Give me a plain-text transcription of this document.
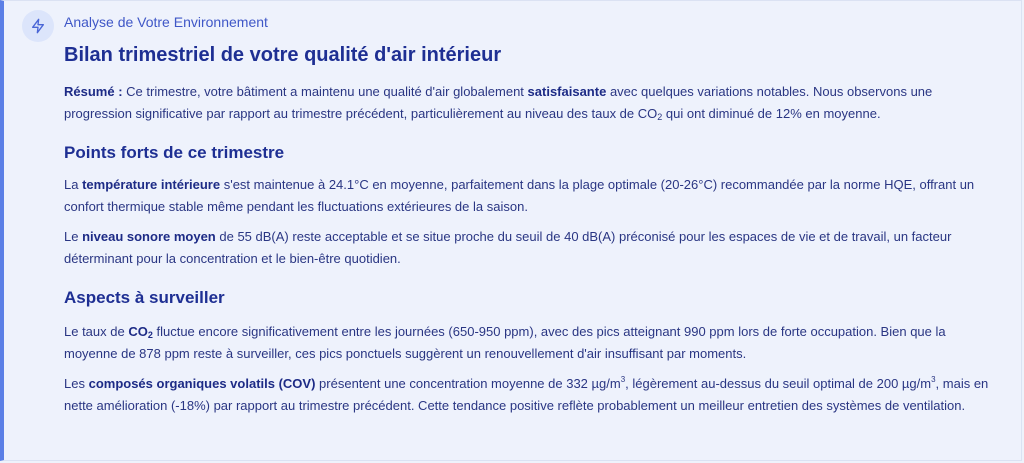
Analyse de Votre Environnement

Bilan trimestriel de votre qualité d'air intérieur

Résumé : Ce trimestre, votre bâtiment a maintenu une qualité d'air globalement satisfaisante avec quelques variations notables. Nous observons une progression significative par rapport au trimestre précédent, particulièrement au niveau des taux de $CO_2$ qui ont diminué de 12% en moyenne.

Points forts de ce trimestre

La température intérieure s'est maintenue à 24.1°C en moyenne, parfaitement dans la plage optimale (20-26°C) recommandée par la norme HQE, offrant un confort thermique stable même pendant les fluctuations extérieures de la saison.

Le niveau sonore moyen de 55 dB(A) reste acceptable et se situe proche du seuil de 40 dB(A) préconisé pour les espaces de vie et de travail, un facteur déterminant pour la concentration et le bien-être quotidien.

Aspects à surveiller

Le taux de $CO_2$ fluctue encore significativement entre les journées (650-950 ppm), avec des pics atteignant 990 ppm lors de forte occupation. Bien que la moyenne de 878 ppm reste à surveiller, ces pics ponctuels suggèrent un renouvellement d'air insuffisant par moments.

Les composés organiques volatils (COV) présentent une concentration moyenne de 332 $\mu g/m^3$, légèrement au-dessus du seuil optimal de 200 $\mu g/m^3$, mais en nette amélioration (-18%) par rapport au trimestre précédent. Cette tendance positive reflète probablement un meilleur entretien des systèmes de ventilation.
